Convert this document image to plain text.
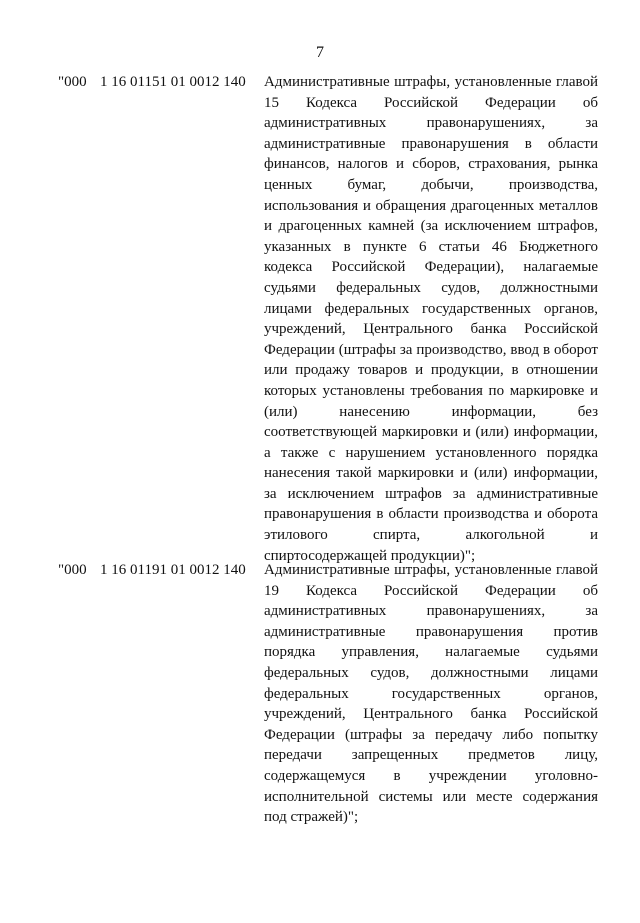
7
"000 1 16 01151 01 0012 140 Административные штрафы, установленные главой 15 Кодекса Российской Федерации об административных правонарушениях, за административные правонарушения в области финансов, налогов и сборов, страхования, рынка ценных бумаг, добычи, производства, использования и обращения драгоценных металлов и драгоценных камней (за исключением штрафов, указанных в пункте 6 статьи 46 Бюджетного кодекса Российской Федерации), налагаемые судьями федеральных судов, должностными лицами федеральных государственных органов, учреждений, Центрального банка Российской Федерации (штрафы за производство, ввод в оборот или продажу товаров и продукции, в отношении которых установлены требования по маркировке и (или) нанесению информации, без соответствующей маркировки и (или) информации, а также с нарушением установленного порядка нанесения такой маркировки и (или) информации, за исключением штрафов за административные правонарушения в области производства и оборота этилового спирта, алкогольной и спиртосодержащей продукции)";
"000 1 16 01191 01 0012 140 Административные штрафы, установленные главой 19 Кодекса Российской Федерации об административных правонарушениях, за административные правонарушения против порядка управления, налагаемые судьями федеральных судов, должностными лицами федеральных государственных органов, учреждений, Центрального банка Российской Федерации (штрафы за передачу либо попытку передачи запрещенных предметов лицу, содержащемуся в учреждении уголовно-исполнительной системы или месте содержания под стражей)";
